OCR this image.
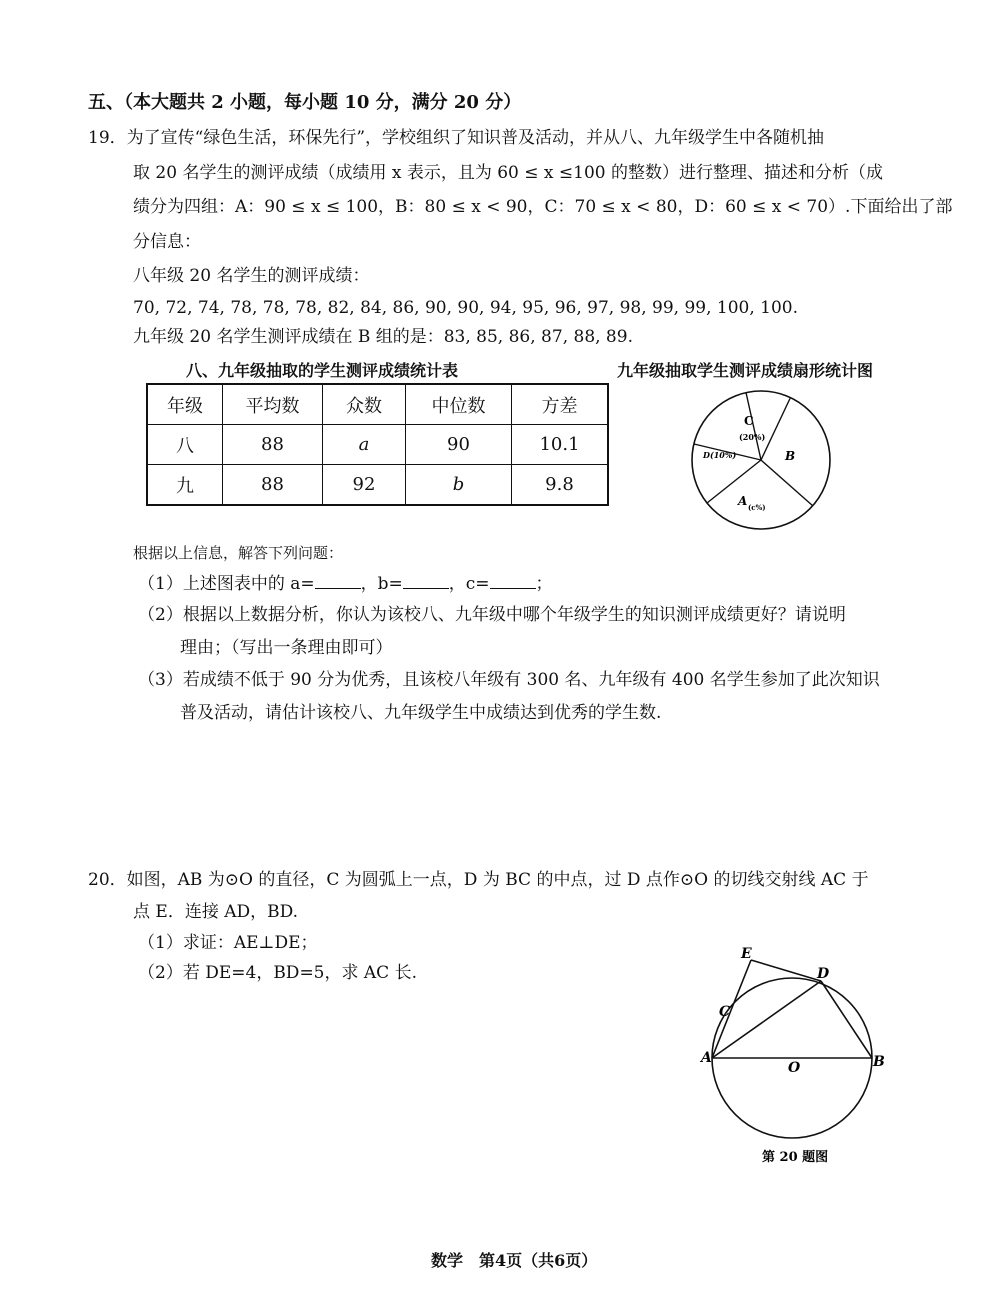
五、（本大题共 2 小题，每小题 10 分，满分 20 分）
19．为了宣传“绿色生活，环保先行”，学校组织了知识普及活动，并从八、九年级学生中各随机抽
取 20 名学生的测评成绩（成绩用 x 表示，且为 60 ≤ x ≤100 的整数）进行整理、描述和分析（成
绩分为四组：A：90 ≤ x ≤ 100，B：80 ≤ x < 90，C：70 ≤ x < 80，D：60 ≤ x < 70）.下面给出了部
分信息：
八年级 20 名学生的测评成绩：
70, 72, 74, 78, 78, 78, 82, 84, 86, 90, 90, 94, 95, 96, 97, 98, 99, 99, 100, 100.
九年级 20 名学生测评成绩在 B 组的是：83, 85, 86, 87, 88, 89.
八、九年级抽取的学生测评成绩统计表	九年级抽取学生测评成绩扇形统计图
年级	平均数	众数	中位数	方差
八	88	a	90	10.1
九	88	92	b	9.8
C
(20%)
D(10%)	B
A (c%)
根据以上信息，解答下列问题：
（1）上述图表中的 a=	，b=	，c=	；
（2）根据以上数据分析，你认为该校八、九年级中哪个年级学生的知识测评成绩更好？请说明
理由；（写出一条理由即可）
（3）若成绩不低于 90 分为优秀，且该校八年级有 300 名、九年级有 400 名学生参加了此次知识
普及活动，请估计该校八、九年级学生中成绩达到优秀的学生数.
20．如图，AB 为⊙O 的直径，C 为圆弧上一点，D 为 BC 的中点，过 D 点作⊙O 的切线交射线 AC 于
点 E．连接 AD，BD.
（1）求证：AE⊥DE；
（2）若 DE=4，BD=5，求 AC 长.
E
D
C
A
O	B
第 20 题图
数学　第4页（共6页）
